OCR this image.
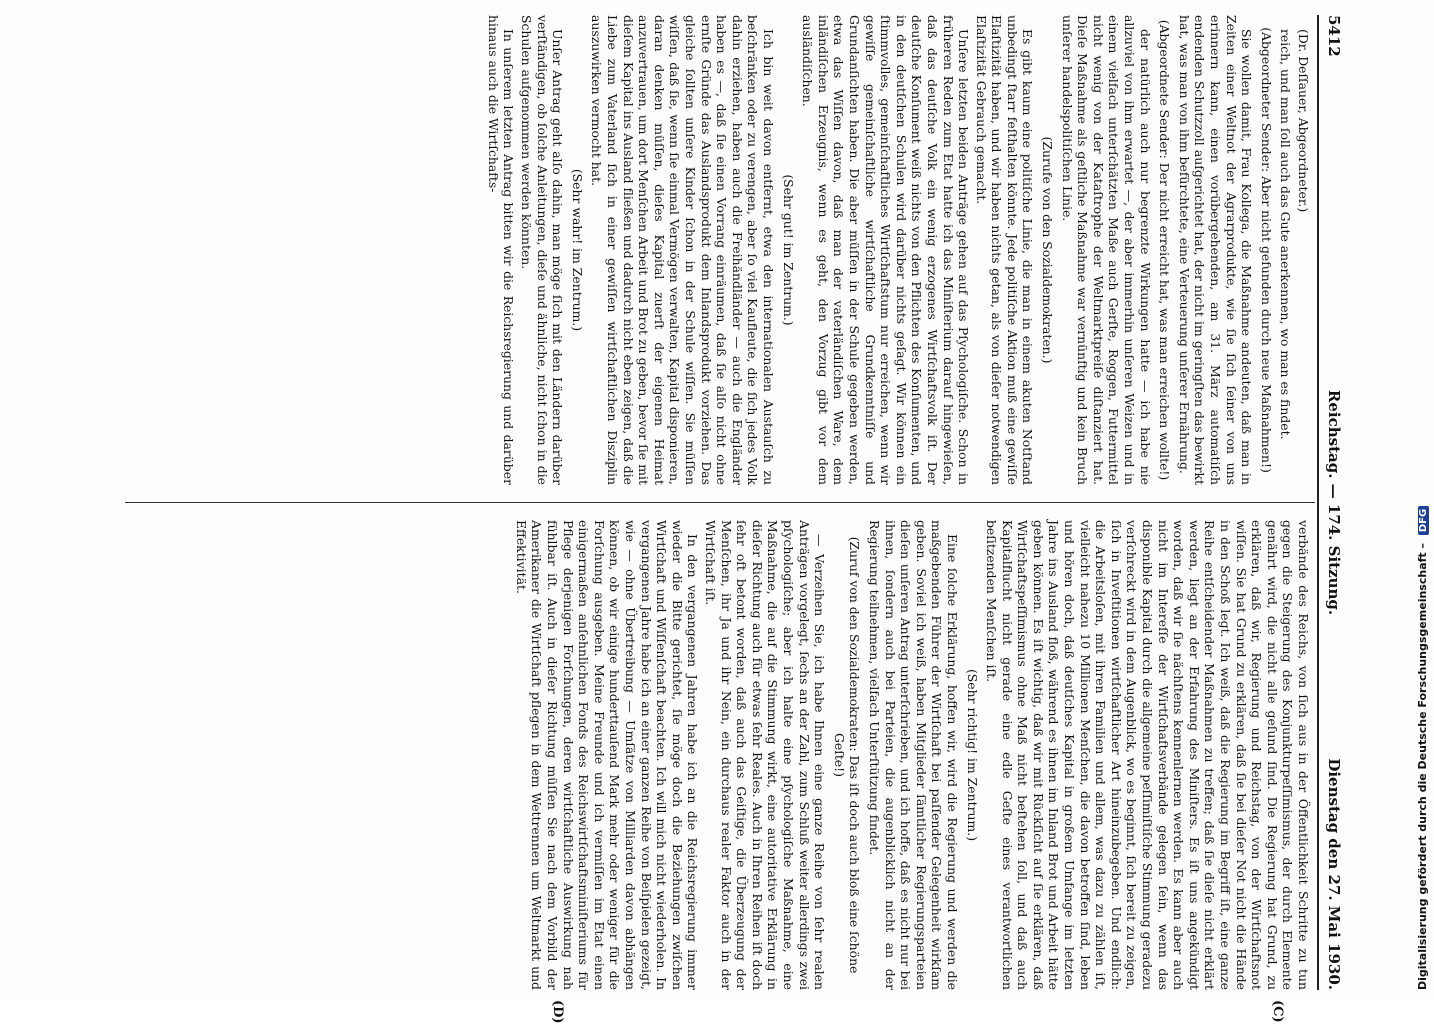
5412
Reichstag. — 174. Sitzung.
Dienstag den 27. Mai 1930.
(C)
(D)

(Dr. Deſſauer, Abgeordneter.)

reich, und man ſoll auch das Gute anerkennen, wo man es findet.

(Abgeordneter Sender: Aber nicht gefunden durch neue Maßnahmen!)

Sie wollen damit, Frau Kollega, die Maßnahme andeuten, daß man in Zeiten einer Weltnot der Agrarprodukte, wie ſie ſich ſeiner von uns erinnern kann, einen vorübergehenden, am 31. März automatiſch endenden Schutzzoll aufgerichtet hat, der nicht im geringſten das bewirkt hat, was man von ihm befürchtete, eine Verteuerung unſerer Ernährung.

(Abgeordnete Sender: Der nicht erreicht hat, was man erreichen wollte!)

der natürlich auch nur begrenzte Wirkungen hatte — ich habe nie allzuviel von ihm erwartet —, der aber immerhin unſeren Weizen und in einem vielfach unterſchätzten Maße auch Gerſte, Roggen, Futtermittel nicht wenig von der Kataſtrophe der Weltmarktpreiſe diſtanziert hat. Dieſe Maßnahme als geſtliche Maßnahme war vernünftig und kein Bruch unſerer handelspolitiſchen Linie.

(Zurufe von den Sozialdemokraten.)

Es gibt kaum eine politiſche Linie, die man in einem akuten Notſtand unbedingt ſtarr feſthalten könnte. Jede politiſche Aktion muß eine gewiſſe Elaſtizität haben, und wir haben nichts getan, als von dieſer notwendigen Elaſtizität Gebrauch gemacht.

Unſere letzten beiden Anträge gehen auf das Pſychologiſche. Schon in früheren Reden zum Etat hatte ich das Miniſterium darauf hingewieſen, daß das deutſche Volk ein wenig erzogenes Wirtſchaftsvolk iſt. Der deutſche Konſument weiß nichts von den Pflichten des Konſumenten, und in den deutſchen Schulen wird darüber nichts geſagt. Wir können ein ſtimmvolles, gemeinſchaftliches Wirtſchaftstum nur erreichen, wenn wir gewiſſe gemeinſchaftliche wirtſchaftliche Grundkenntniſſe und Grundanſichten haben. Die aber müſſen in der Schule gegeben werden, etwa das Wiſſen davon, daß man der vaterländiſchen Ware, dem inländiſchen Erzeugnis, wenn es geht, den Vorzug gibt vor dem ausländiſchen.

(Sehr gut! im Zentrum.)

Ich bin weit davon entfernt, etwa den internationalen Austauſch zu beſchränken oder zu verengen, aber ſo viel Kaufleute, die ſich jedes Volk dahin erziehen, haben auch die Freihändländer — auch die Engländer haben es —, daß ſie einen Vorrang einräumen, daß ſie alſo nicht ohne ernſte Gründe das Auslandsprodukt dem Inlandsprodukt vorziehen. Das gleiche ſollten unſere Kinder ſchon in der Schule wiſſen. Sie müſſen wiſſen, daß ſie, wenn ſie einmal Vermögen verwalten, Kapital disponieren, daran denken müſſen, dieſes Kapital zuerſt der eigenen Heimat anzuvertrauen, um dort Menſchen Arbeit und Brot zu geben, bevor ſie mit dieſem Kapital ins Ausland fließen und dadurch nicht eben zeigen, daß die Liebe zum Vaterland ſich in einer gewiſſen wirtſchaftlichen Disziplin auszuwirken vermocht hat.

(Sehr wahr! im Zentrum.)

Unſer Antrag geht alſo dahin, man möge ſich mit den Ländern darüber verſtändigen, ob ſolche Anleitungen, dieſe und ähnliche, nicht ſchon in die Schulen aufgenommen werden könnten.

In unſerem letzten Antrag bitten wir die Reichsregierung und darüber hinaus auch die Wirtſchafts-

verbände des Reichs, von ſich aus in der Öffentlichkeit Schritte zu tun gegen die Steigerung des Konjunkturpeſſimismus, der durch Elemente genährt wird, die nicht alle geſund ſind. Die Regierung hat Grund, zu erklären, daß wir, Regierung und Reichstag, von der Wirtſchaftsnot wiſſen. Sie hat Grund zu erklären, daß ſie bei dieſer Not nicht die Hände in den Schoß legt. Ich weiß, daß die Regierung im Begriff iſt, eine ganze Reihe entſcheidender Maßnahmen zu treffen; daß ſie dieſe nicht erklärt werden, liegt an der Erfahrung des Miniſters. Es iſt uns angekündigt worden, daß wir ſie nächſtens kennenlernen werden. Es kann aber auch nicht im Intereſſe der Wirtſchaftsverbände gelegen ſein, wenn das disponible Kapital durch die allgemeine peſſimiſtiſche Stimmung geradezu verſchreckt wird in dem Augenblick, wo es beginnt, ſich bereit zu zeigen, ſich in Inveſtitionen wirtſchaftlicher Art hineinzubegeben. Und endlich: die Arbeitsloſen, mit ihren Familien und allem, was dazu zu zählen iſt, vielleicht nahezu 10 Millionen Menſchen, die davon betroffen ſind, leben und hören doch, daß deutſches Kapital in großem Umfange im letzten Jahre ins Ausland floß, während es ihnen im Inland Brot und Arbeit hätte geben können. Es iſt wichtig, daß wir mit Rückſicht auf ſie erklären, daß Wirtſchaftspeſſimismus ohne Maß nicht beſtehen ſoll, und daß auch Kapitalflucht nicht gerade eine edle Geſte eines verantwortlichen beſitzenden Menſchen iſt.

(Sehr richtig! im Zentrum.)

Eine ſolche Erklärung, hoffen wir, wird die Regierung und werden die maßgebenden Führer der Wirtſchaft bei paſſender Gelegenheit wirkſam geben. Soviel ich weiß, haben Mitglieder ſämtlicher Regierungsparteien dieſen unſeren Antrag unterſchrieben, und ich hoffe, daß es nicht nur bei ihnen, ſondern auch bei Parteien, die augenblicklich nicht an der Regierung teilnehmen, vielfach Unterſtützung findet.

(Zuruf von den Sozialdemokraten: Das iſt doch auch bloß eine ſchöne Geſte!)

— Verzeihen Sie, ich habe Ihnen eine ganze Reihe von ſehr realen Anträgen vorgelegt, ſechs an der Zahl, zum Schluß weiter allerdings zwei pſychologiſche; aber ich halte eine pſychologiſche Maßnahme, eine Maßnahme, die auf die Stimmung wirkt, eine autoritative Erklärung in dieſer Richtung auch für etwas ſehr Reales. Auch in Ihren Reihen iſt doch ſehr oft betont worden, daß auch das Geiſtige, die Überzeugung der Menſchen, ihr Ja und ihr Nein, ein durchaus realer Faktor auch in der Wirtſchaft iſt.

In den vergangenen Jahren habe ich an die Reichsregierung immer wieder die Bitte gerichtet, ſie möge doch die Beziehungen zwiſchen Wirtſchaft und Wiſſenſchaft beachten. Ich will mich nicht wiederholen. In vergangenen Jahre habe ich an einer ganzen Reihe von Beiſpielen gezeigt, wie — ohne Übertreibung — Umſätze von Milliarden davon abhängen können, ob wir einige hunderttauſend Mark mehr oder weniger für die Forſchung ausgeben. Meine Freunde und ich vermiſſen im Etat einen einigermaßen anſehnlichen Fonds des Reichswirtſchaftsminiſteriums für Pflege derjenigen Forſchungen, deren wirtſchaftliche Auswirkung nah fühlbar iſt. Auch in dieſer Richtung müſſen Sie nach dem Vorbild der Amerikaner die Wirtſchaft pflegen in dem Wettrennen um Weltmarkt und Effektivität.	Digitalisierung gefördert durch die Deutsche Forschungsgemeinschaft – DFG
